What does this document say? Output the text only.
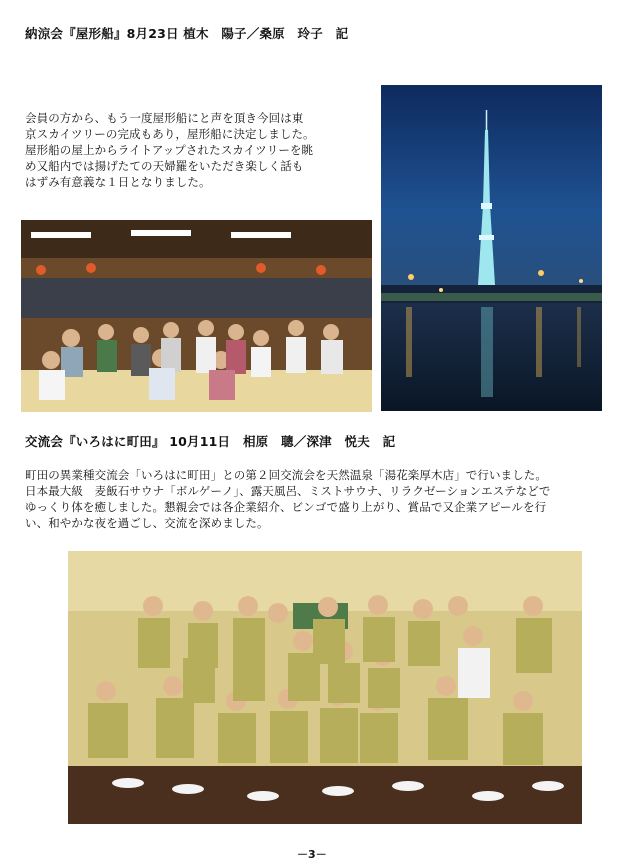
納涼会『屋形船』8月23日 植木　陽子／桑原　玲子　記
会員の方から、もう一度屋形船にと声を頂き今回は東
京スカイツリーの完成もあり，屋形船に決定しました。
屋形船の屋上からライトアップされたスカイツリーを眺
め又船内では揚げたての天婦羅をいただき楽しく話も
はずみ有意義な１日となりました。
交流会『いろはに町田』 10月11日　相原　聰／深津　悦夫　記
町田の異業種交流会「いろはに町田」との第２回交流会を天然温泉「湯花楽厚木店」で行いました。
日本最大級　麦飯石サウナ「ボルゲーノ」、露天風呂、ミストサウナ、リラクゼーションエステなどで
ゆっくり体を癒しました。懇親会では各企業紹介、ビンゴで盛り上がり、賞品で又企業アピールを行
い、和やかな夜を過ごし、交流を深めました。
－3－
